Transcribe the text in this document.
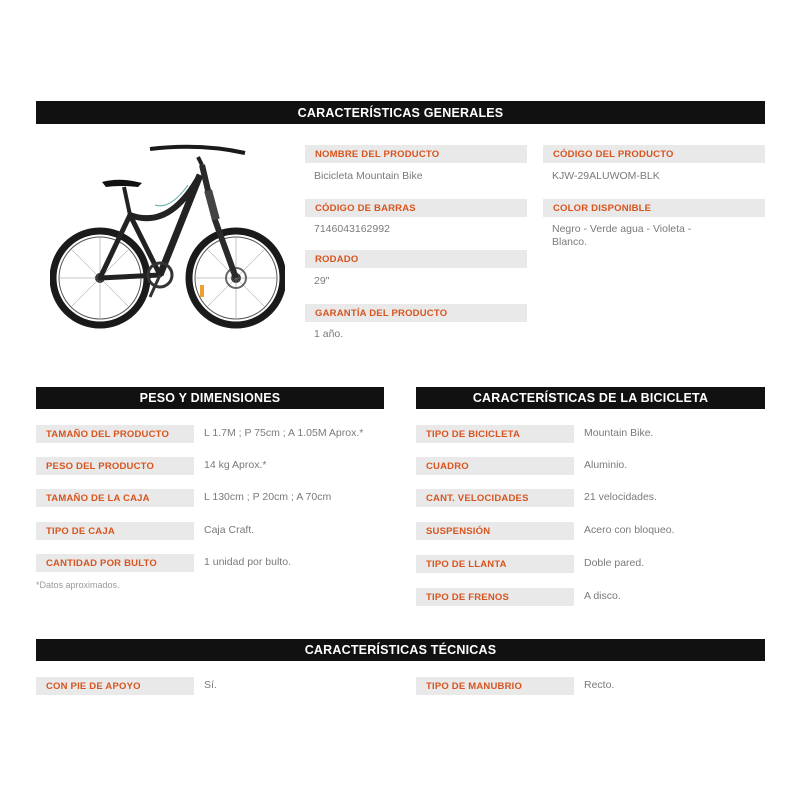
CARACTERÍSTICAS GENERALES
NOMBRE DEL PRODUCTO
Bicicleta Mountain Bike
CÓDIGO DEL PRODUCTO
KJW-29ALUWOM-BLK
CÓDIGO DE BARRAS
7146043162992
COLOR DISPONIBLE
Negro - Verde agua - Violeta - Blanco.
RODADO
29"
GARANTÍA DEL PRODUCTO
1 año.
PESO Y DIMENSIONES
TAMAÑO DEL PRODUCTO	L 1.7M ; P 75cm ; A 1.05M Aprox.*
PESO DEL PRODUCTO	14 kg Aprox.*
TAMAÑO DE LA CAJA	L 130cm ; P 20cm ; A 70cm
TIPO DE CAJA	Caja Craft.
CANTIDAD POR BULTO	1 unidad por bulto.
*Datos aproximados.
CARACTERÍSTICAS DE LA BICICLETA
TIPO DE BICICLETA	Mountain Bike.
CUADRO	Aluminio.
CANT. VELOCIDADES	21 velocidades.
SUSPENSIÓN	Acero con bloqueo.
TIPO DE LLANTA	Doble pared.
TIPO DE FRENOS	A disco.
CARACTERÍSTICAS TÉCNICAS
CON PIE DE APOYO	Sí.	TIPO DE MANUBRIO	Recto.
